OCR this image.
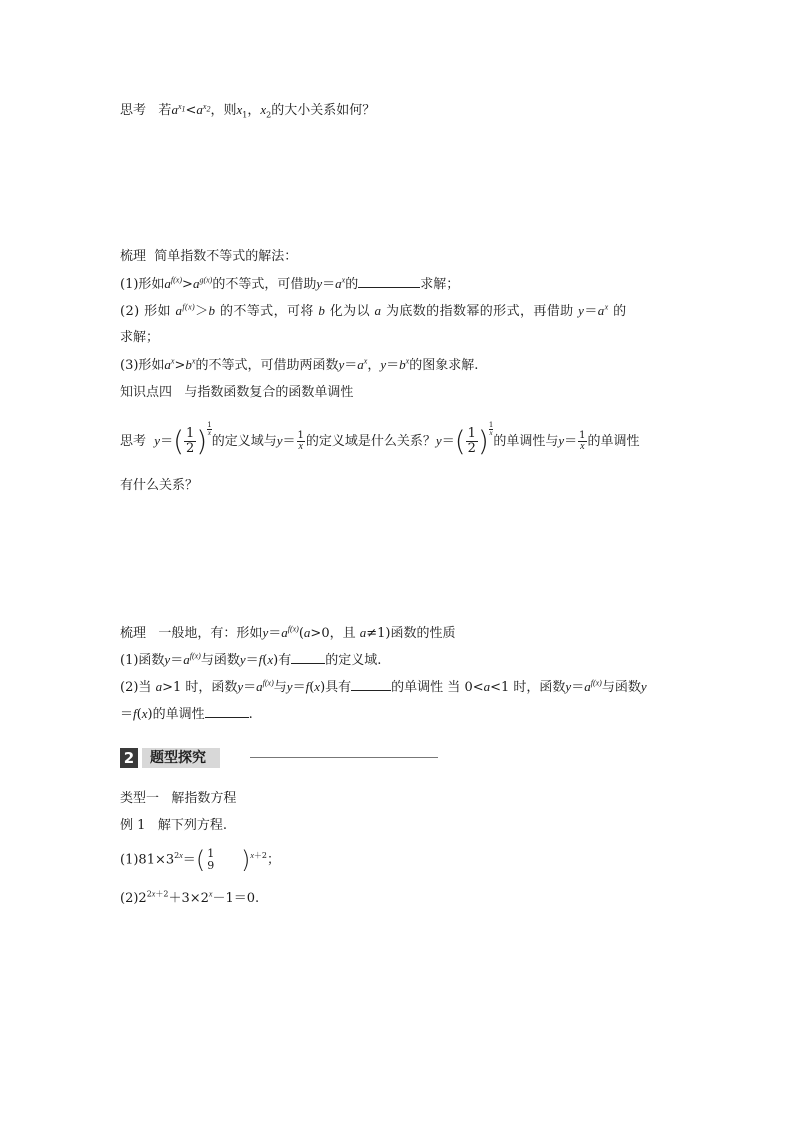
思考 若$a^{x_1}<a^{x_2}$，则$x_1$，$x_2$的大小关系如何？
梳理 简单指数不等式的解法：
(1)形如$a^{f(x)}>a^{g(x)}$的不等式，可借助$y=a^x$的	求解；
(2) 形如 $a^{f(x)}>b$ 的不等式，可将 b 化为以 a 为底数的指数幂的形式，再借助 $y=a^x$ 的
求解；
(3)形如$a^x>b^x$的不等式，可借助两函数$y=a^x$，$y=b^x$的图象求解.
知识点四 与指数函数复合的函数单调性
思考 $y=( \frac{1}{2}$ ) $\frac{1}{x}$的定义域与$y= \frac{1}{x}$ 的定义域是什么关系？$y=( \frac{1}{2}$ ) $\frac{1}{x}$的单调性与$y= \frac{1}{x}$ 的单调性
有什么关系？
梳理 一般地，有：形如$y=a^{f(x)}(a>0$，且 a≠1)函数的性质
(1)函数$y=a^{f(x)}$与函数y＝f(x)有	的定义域.
(2)当 a>1 时，函数$y=a^{f(x)}$与y＝f(x)具有	的单调性 当 0<a<1 时，函数$y=a^{f(x)}$与函数y
＝f(x)的单调性	.
2	题型探究
类型一 解指数方程
例 1 解下列方程.
$(1)81\times 3^{2x}=$( 1
9 )$^{x+2}$；
$(2)2^{2x+2}+3\times 2^x-1=0$.
